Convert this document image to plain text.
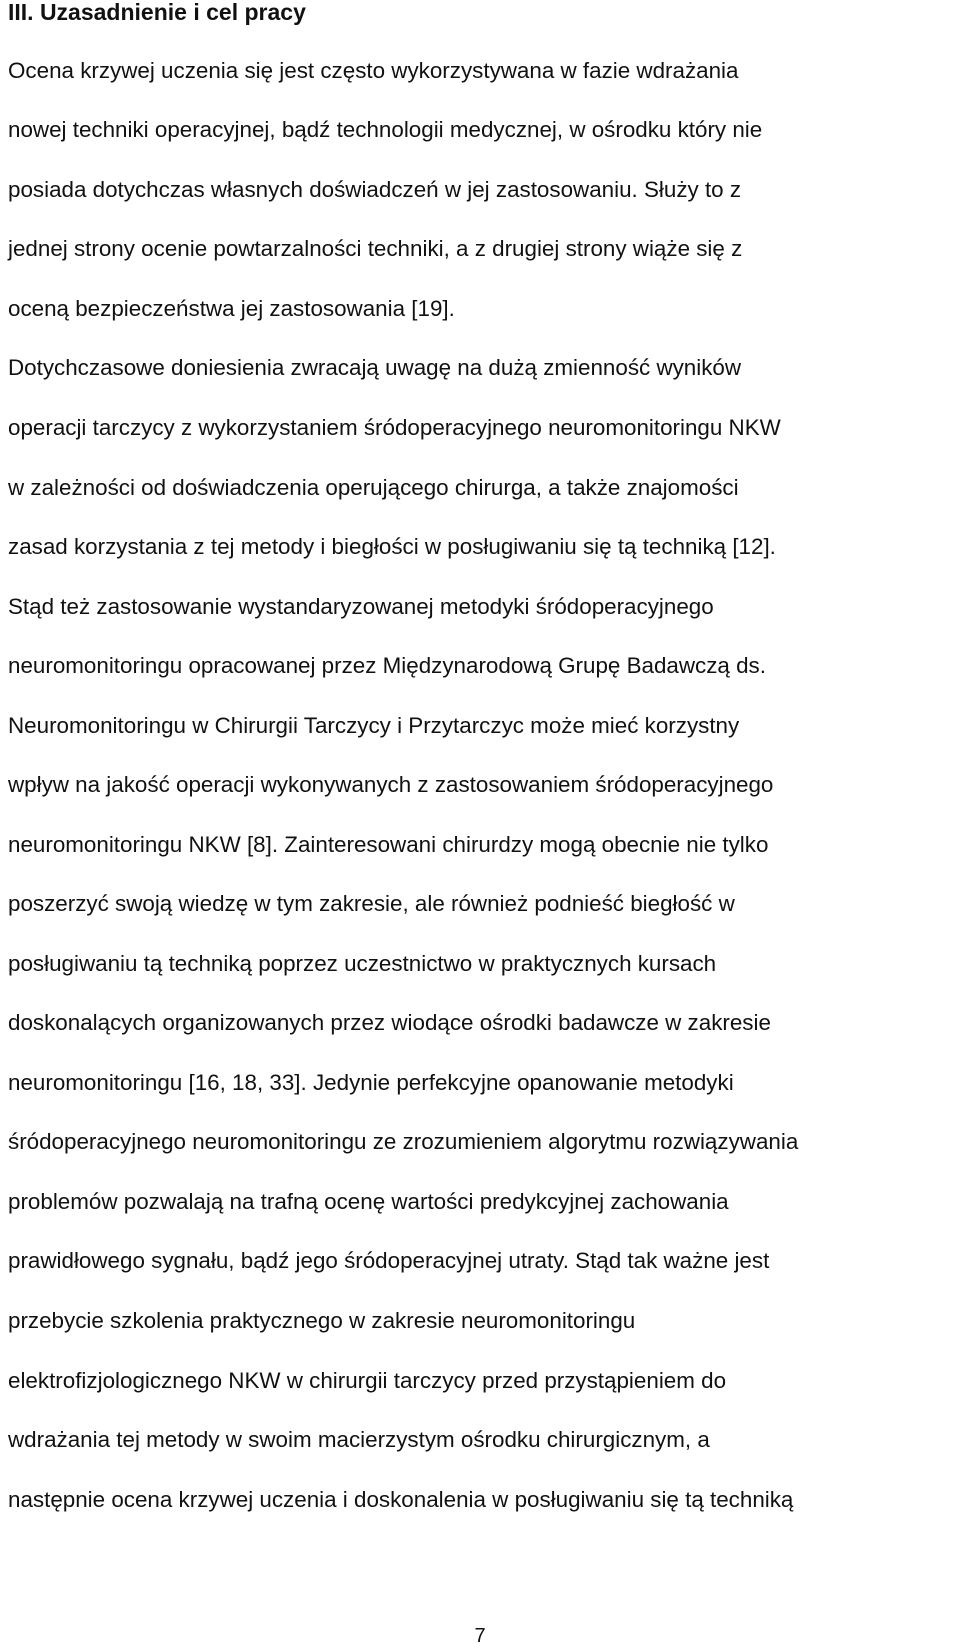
III. Uzasadnienie i cel pracy

Ocena krzywej uczenia się jest często wykorzystywana w fazie wdrażania

nowej techniki operacyjnej, bądź technologii medycznej, w ośrodku który nie

posiada dotychczas własnych doświadczeń w jej zastosowaniu. Służy to z

jednej strony ocenie powtarzalności techniki, a z drugiej strony wiąże się z

oceną bezpieczeństwa jej zastosowania [19].

Dotychczasowe doniesienia zwracają uwagę na dużą zmienność wyników

operacji tarczycy z wykorzystaniem śródoperacyjnego neuromonitoringu NKW

w zależności od doświadczenia operującego chirurga, a także znajomości

zasad korzystania z tej metody i biegłości w posługiwaniu się tą techniką [12].

Stąd też zastosowanie wystandaryzowanej metodyki śródoperacyjnego

neuromonitoringu opracowanej przez Międzynarodową Grupę Badawczą ds.

Neuromonitoringu w Chirurgii Tarczycy i Przytarczyc może mieć korzystny

wpływ na jakość operacji wykonywanych z zastosowaniem śródoperacyjnego

neuromonitoringu NKW [8]. Zainteresowani chirurdzy mogą obecnie nie tylko

poszerzyć swoją wiedzę w tym zakresie, ale również podnieść biegłość w

posługiwaniu tą techniką poprzez uczestnictwo w praktycznych kursach

doskonalących organizowanych przez wiodące ośrodki badawcze w zakresie

neuromonitoringu [16, 18, 33]. Jedynie perfekcyjne opanowanie metodyki

śródoperacyjnego neuromonitoringu ze zrozumieniem algorytmu rozwiązywania

problemów pozwalają na trafną ocenę wartości predykcyjnej zachowania

prawidłowego sygnału, bądź jego śródoperacyjnej utraty. Stąd tak ważne jest

przebycie szkolenia praktycznego w zakresie neuromonitoringu

elektrofizjologicznego NKW w chirurgii tarczycy przed przystąpieniem do

wdrażania tej metody w swoim macierzystym ośrodku chirurgicznym, a

następnie ocena krzywej uczenia i doskonalenia w posługiwaniu się tą techniką

7
